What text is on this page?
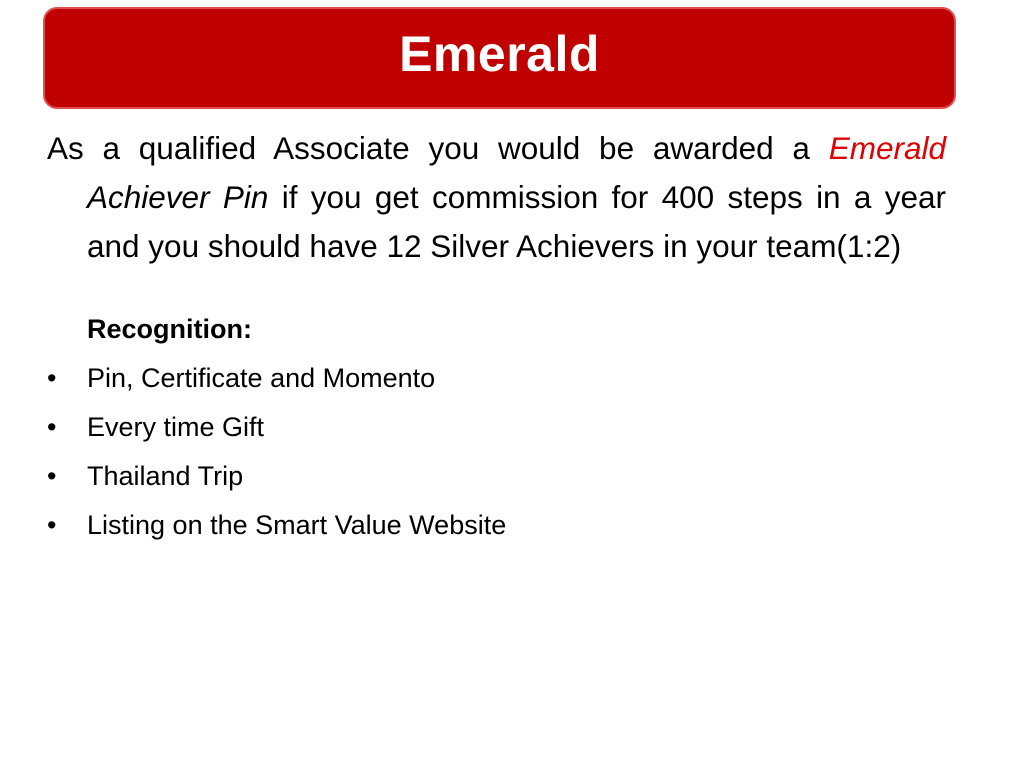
Emerald
As a qualified Associate you would be awarded a Emerald Achiever Pin if you get commission for 400 steps in a year and you should have 12 Silver Achievers in your team(1:2)
Recognition:
•	Pin, Certificate and Momento
•	Every time Gift
•	Thailand Trip
•	Listing on the Smart Value Website
